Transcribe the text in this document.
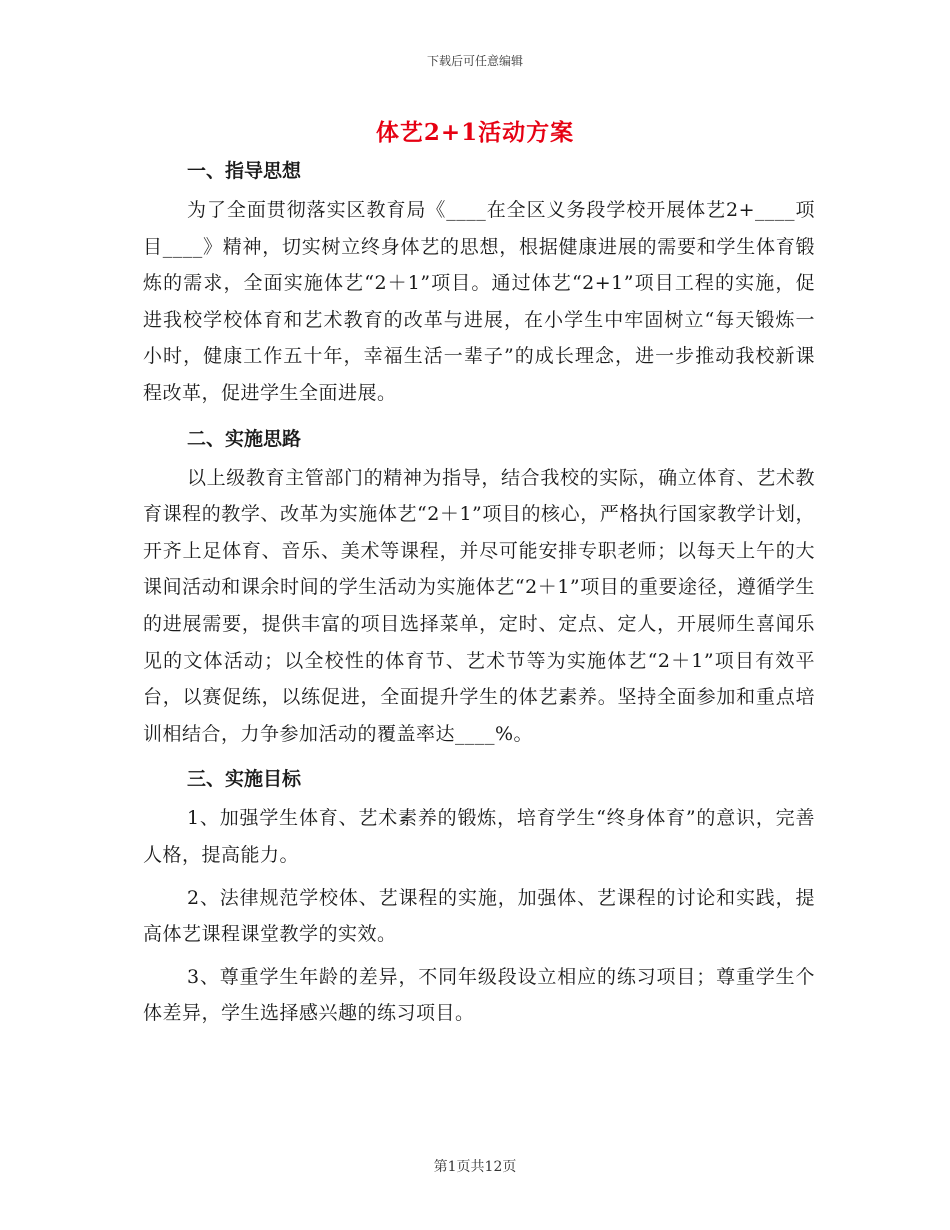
下载后可任意编辑
体艺2+1活动方案
一、指导思想

为了全面贯彻落实区教育局《____在全区义务段学校开展体艺2+____项目____》精神，切实树立终身体艺的思想，根据健康进展的需要和学生体育锻炼的需求，全面实施体艺“2＋1”项目。通过体艺“2+1”项目工程的实施，促进我校学校体育和艺术教育的改革与进展，在小学生中牢固树立“每天锻炼一小时，健康工作五十年，幸福生活一辈子”的成长理念，进一步推动我校新课程改革，促进学生全面进展。

二、实施思路

以上级教育主管部门的精神为指导，结合我校的实际，确立体育、艺术教育课程的教学、改革为实施体艺“2＋1”项目的核心，严格执行国家教学计划，开齐上足体育、音乐、美术等课程，并尽可能安排专职老师；以每天上午的大课间活动和课余时间的学生活动为实施体艺“2＋1”项目的重要途径，遵循学生的进展需要，提供丰富的项目选择菜单，定时、定点、定人，开展师生喜闻乐见的文体活动；以全校性的体育节、艺术节等为实施体艺“2＋1”项目有效平台，以赛促练，以练促进，全面提升学生的体艺素养。坚持全面参加和重点培训相结合，力争参加活动的覆盖率达____%。

三、实施目标

1、加强学生体育、艺术素养的锻炼，培育学生“终身体育”的意识，完善人格，提高能力。

2、法律规范学校体、艺课程的实施，加强体、艺课程的讨论和实践，提高体艺课程课堂教学的实效。

3、尊重学生年龄的差异，不同年级段设立相应的练习项目；尊重学生个体差异，学生选择感兴趣的练习项目。

第1页共12页
